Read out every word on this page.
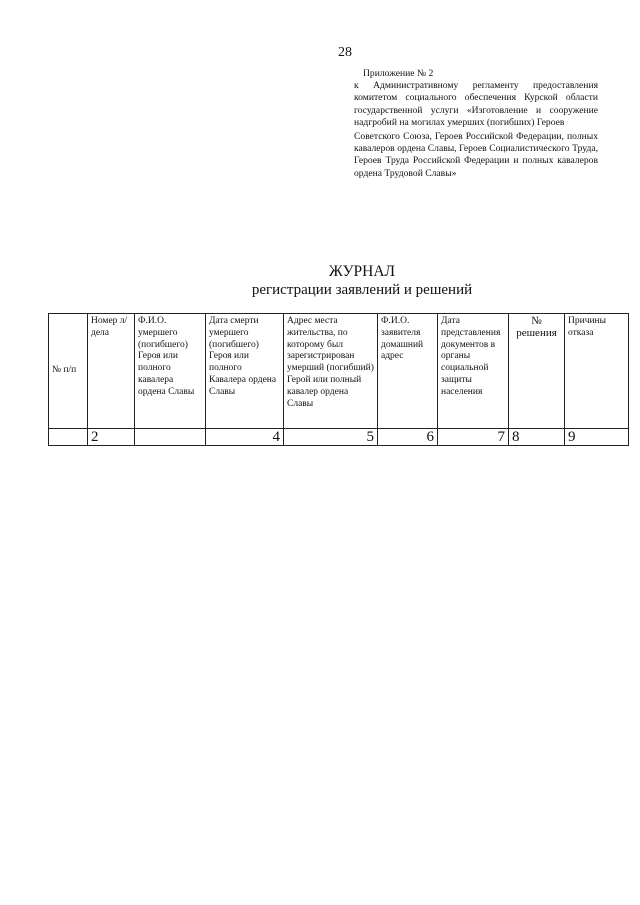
28
Приложение № 2

к Административному регламенту предоставления комитетом социального обеспечения Курской области государственной услуги «Изготовление и сооружение надгробий на могилах умерших (погибших) Героев

Советского Союза, Героев Российской Федерации, полных кавалеров ордена Славы, Героев Социалистического Труда, Героев Труда Российской Федерации и полных кавалеров ордена Трудовой Славы»

ЖУРНАЛ
регистрации заявлений и решений
№ п/п	Номер л/дела	Ф.И.О. умершего (погибшего) Героя или полного кавалера ордена Славы	Дата смерти умершего (погибшего) Героя или полного Кавалера ордена Славы	Адрес места жительства, по которому был зарегистрирован умерший (погибший) Герой или полный кавалер ордена Славы	Ф.И.О. заявителя домашний адрес	Дата представления документов в органы социальной защиты населения	№ решения	Причины отказа
	2		4	5	6	7	8	9
